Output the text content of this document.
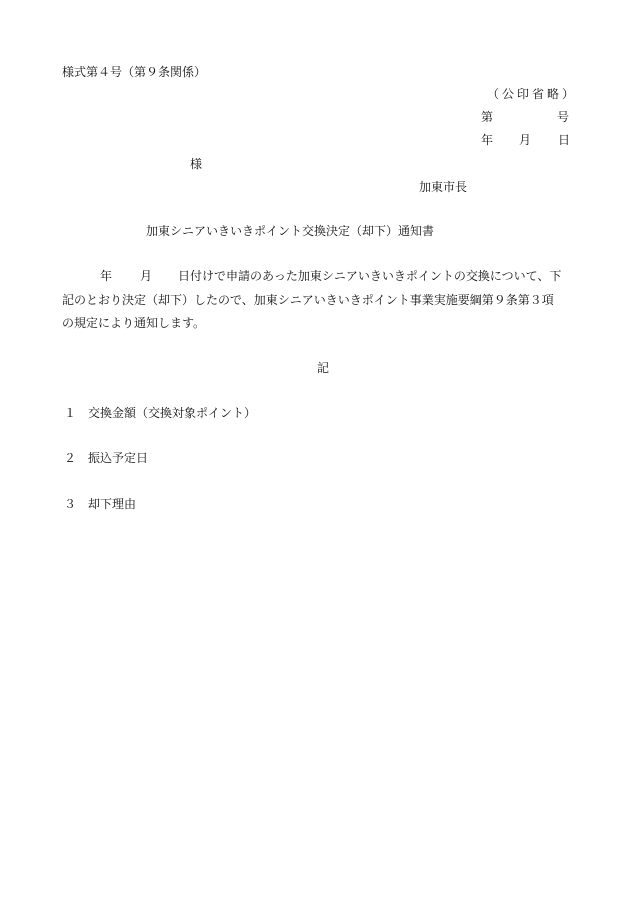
様式第４号（第９条関係）
（公印省略）
第	号
年 月 日
様
加東市長
加東シニアいきいきポイント交換決定（却下）通知書
年 月 日付けで申請のあった加東シニアいきいきポイントの交換について、下
記のとおり決定（却下）したので、加東シニアいきいきポイント事業実施要綱第９条第３項
の規定により通知します。
記
１ 交換金額（交換対象ポイント）
２ 振込予定日
３ 却下理由
